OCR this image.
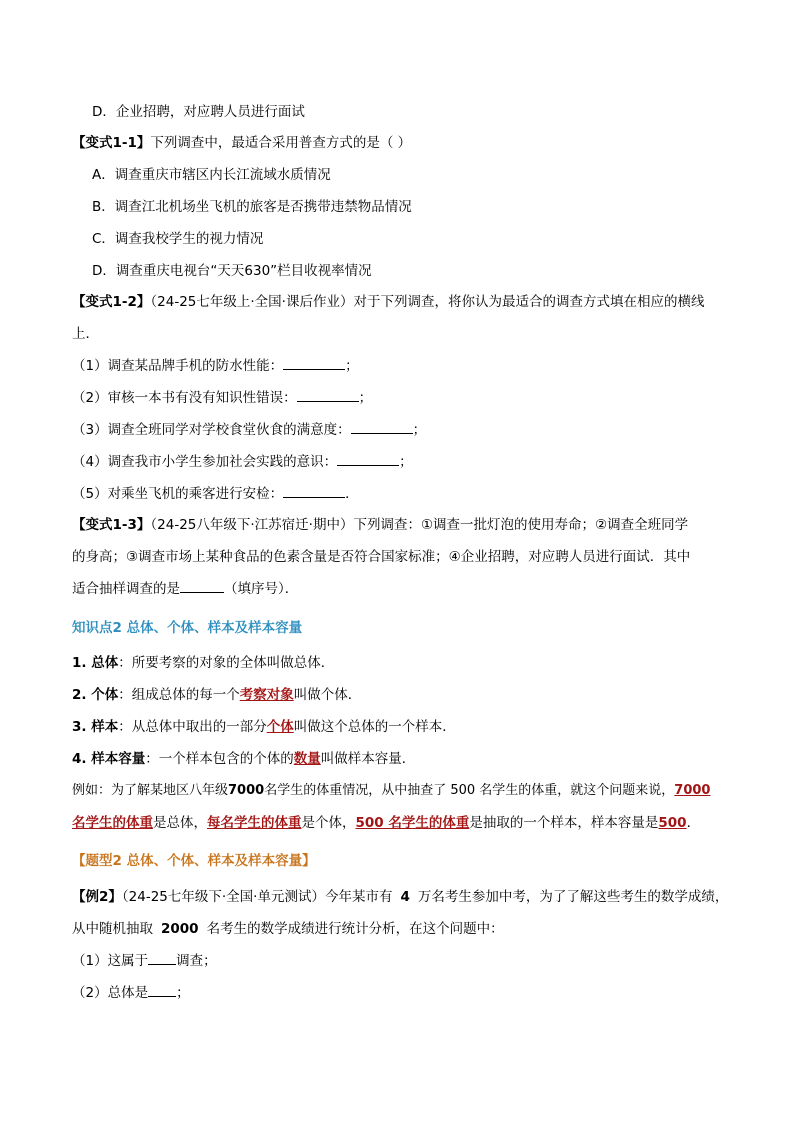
D．企业招聘，对应聘人员进行面试
【变式1-1】下列调查中，最适合采用普查方式的是（ ）
A．调查重庆市辖区内长江流域水质情况
B．调查江北机场坐飞机的旅客是否携带违禁物品情况
C．调查我校学生的视力情况
D．调查重庆电视台“天天630”栏目收视率情况
【变式1-2】（24-25七年级上·全国·课后作业）对于下列调查，将你认为最适合的调查方式填在相应的横线
上．
（1）调查某品牌手机的防水性能：	；
（2）审核一本书有没有知识性错误：	；
（3）调查全班同学对学校食堂伙食的满意度：	；
（4）调查我市小学生参加社会实践的意识：	；
（5）对乘坐飞机的乘客进行安检：	．
【变式1-3】（24-25八年级下·江苏宿迁·期中）下列调查：①调查一批灯泡的使用寿命；②调查全班同学
的身高；③调查市场上某种食品的色素含量是否符合国家标准；④企业招聘，对应聘人员进行面试．其中
适合抽样调查的是	（填序号）．
知识点2 总体、个体、样本及样本容量
1. 总体：所要考察的对象的全体叫做总体．
2. 个体：组成总体的每一个考察对象叫做个体．
3. 样本：从总体中取出的一部分个体叫做这个总体的一个样本．
4. 样本容量：一个样本包含的个体的数量叫做样本容量．
例如：为了解某地区八年级7000名学生的体重情况，从中抽查了 500 名学生的体重，就这个问题来说，7000
名学生的体重是总体，每名学生的体重是个体，500 名学生的体重是抽取的一个样本，样本容量是500．
【题型2 总体、个体、样本及样本容量】
【例2】（24-25七年级下·全国·单元测试）今年某市有 4 万名考生参加中考，为了了解这些考生的数学成绩，
从中随机抽取 2000 名考生的数学成绩进行统计分析，在这个问题中：
（1）这属于 调查；
（2）总体是 ；
